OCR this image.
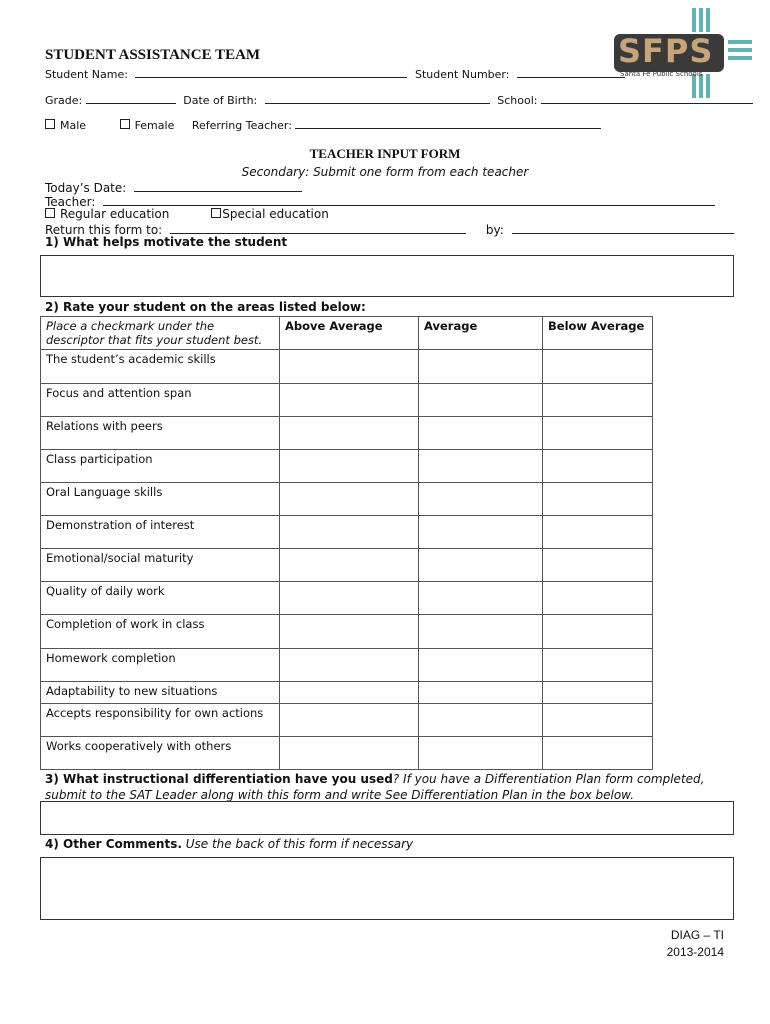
STUDENT ASSISTANCE TEAM	SFPS
Santa Fe Public Schools
Student Name:	Student Number:
Grade:	Date of Birth:	School:
Male	Female Referring Teacher:
TEACHER INPUT FORM
Secondary: Submit one form from each teacher
Today’s Date:
Teacher:
Regular education	Special education
Return this form to:	by:
1) What helps motivate the student
2) Rate your student on the areas listed below:
Place a checkmark under the descriptor that fits your student best.	Above Average	Average	Below Average
The student’s academic skills			
Focus and attention span			
Relations with peers			
Class participation			
Oral Language skills			
Demonstration of interest			
Emotional/social maturity			
Quality of daily work			
Completion of work in class			
Homework completion			
Adaptability to new situations			
Accepts responsibility for own actions			
Works cooperatively with others			
3) What instructional differentiation have you used? If you have a Differentiation Plan form completed, submit to the SAT Leader along with this form and write See Differentiation Plan in the box below.
4) Other Comments. Use the back of this form if necessary
DIAG – TI
2013-2014
